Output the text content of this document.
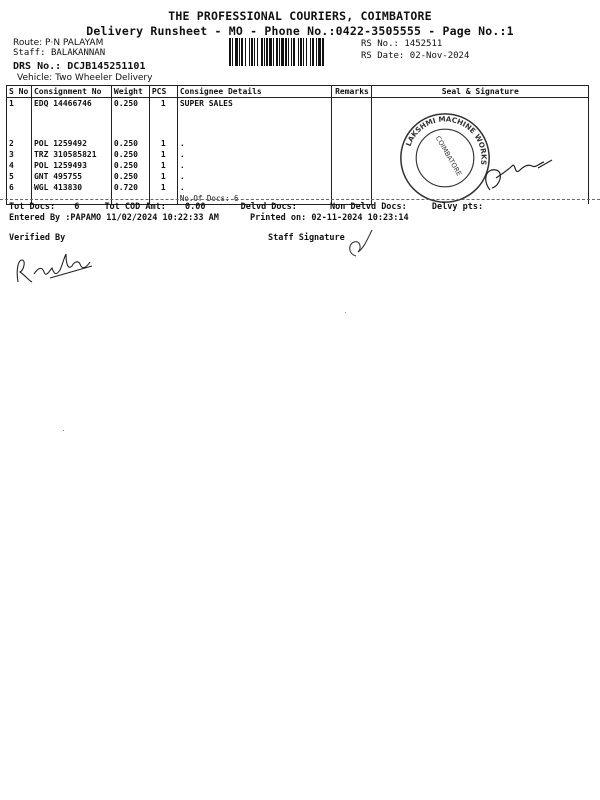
THE PROFESSIONAL COURIERS, COIMBATORE
Delivery Runsheet - MO - Phone No.:0422-3505555 - Page No.:1
Route: P·N PALAYAM
Staff: BALAKANNAN
DRS No.: DCJB145251101
Vehicle: Two Wheeler Delivery
RS No.: 1452511
RS Date: 02-Nov-2024
S No	Consignment No	Weight	PCS	Consignee Details	Remarks	Seal & Signature
1	EDQ 14466746	0.250	1	SUPER SALES		
2	POL 1259492	0.250	1	.		
3	TRZ 310585821	0.250	1	.		
4	POL 1259493	0.250	1	.		
5	GNT 495755	0.250	1	.		
6	WGL 413830	0.720	1	.		
				No.Of Docs: 6		
LAKSHMI MACHINE WORKS
COIMBATORE
Tot Docs: 6	Tot COD Amt: 0.00	Delvd Docs:	Non Delvd Docs:	Delvy pts:
Entered By :PAPAMO 11/02/2024 10:22:33 AM	Printed on: 02-11-2024 10:23:14
Verified By	Staff Signature
